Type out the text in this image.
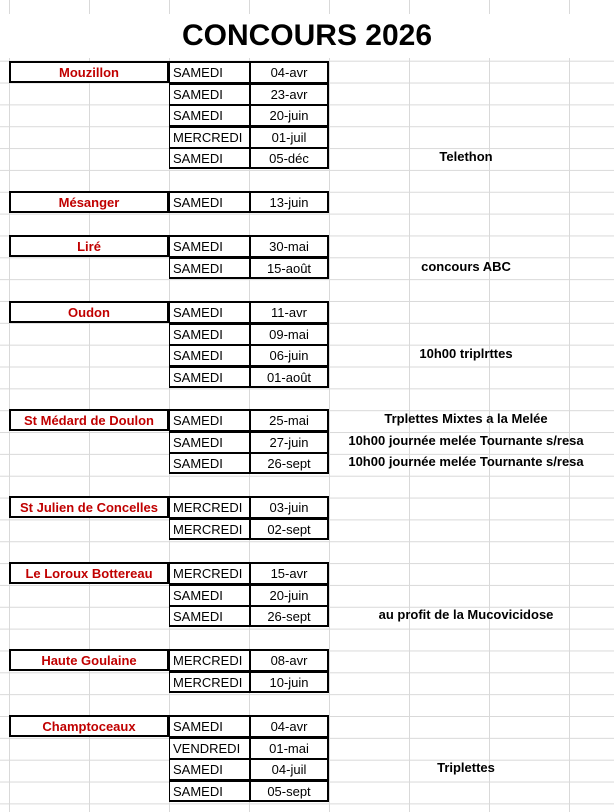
CONCOURS 2026
Mouzillon	SAMEDI	04-avr
SAMEDI	23-avr
SAMEDI	20-juin
MERCREDI	01-juil
SAMEDI	05-déc	Telethon
Mésanger	SAMEDI	13-juin
Liré	SAMEDI	30-mai
SAMEDI	15-août	concours ABC
Oudon	SAMEDI	11-avr
SAMEDI	09-mai
SAMEDI	06-juin	10h00 triplrttes
SAMEDI	01-août
St Médard de Doulon	SAMEDI	25-mai	Trplettes Mixtes a la Melée
SAMEDI	27-juin	10h00 journée melée Tournante s/resa
SAMEDI	26-sept	10h00 journée melée Tournante s/resa
St Julien de Concelles	MERCREDI	03-juin
MERCREDI	02-sept
Le Loroux Bottereau	MERCREDI	15-avr
SAMEDI	20-juin
SAMEDI	26-sept	au profit de la Mucovicidose
Haute Goulaine	MERCREDI	08-avr
MERCREDI	10-juin
Champtoceaux	SAMEDI	04-avr
VENDREDI	01-mai
SAMEDI	04-juil	Triplettes
SAMEDI	05-sept
